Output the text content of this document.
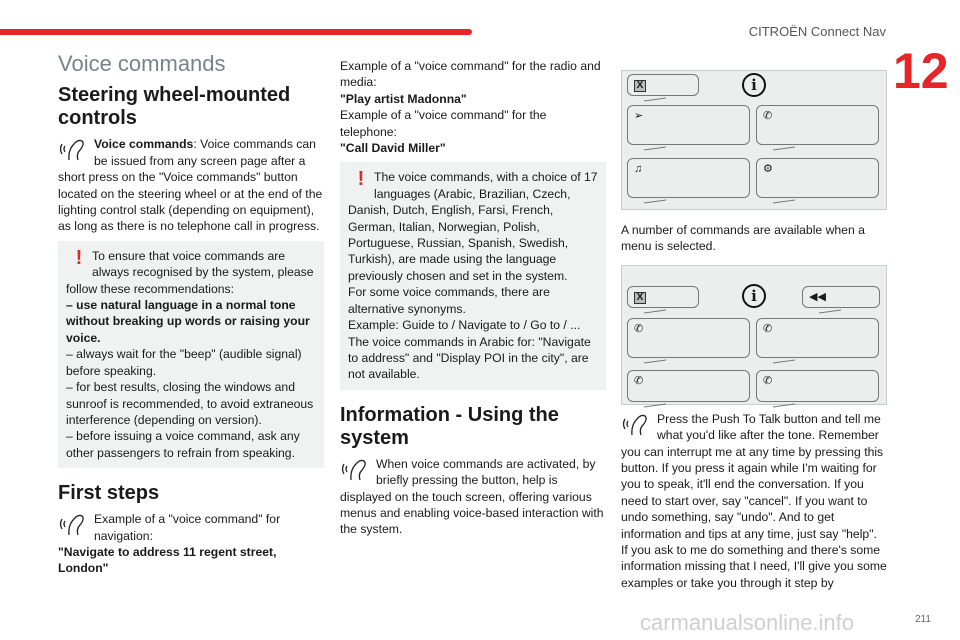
CITROËN Connect Nav
12
Voice commands
Steering wheel-mounted controls

Voice commands: Voice commands can be issued from any screen page after a short press on the "Voice commands" button located on the steering wheel or at the end of the lighting control stalk (depending on equipment), as long as there is no telephone call in progress.

! To ensure that voice commands are always recognised by the system, please follow these recommendations:

– use natural language in a normal tone without breaking up words or raising your voice.

– always wait for the "beep" (audible signal) before speaking.

– for best results, closing the windows and sunroof is recommended, to avoid extraneous interference (depending on version).

– before issuing a voice command, ask any other passengers to refrain from speaking.

First steps

Example of a "voice command" for navigation:

"Navigate to address 11 regent street, London"

Example of a "voice command" for the radio and media:

"Play artist Madonna"

Example of a "voice command" for the telephone:

"Call David Miller"

! The voice commands, with a choice of 17 languages (Arabic, Brazilian, Czech, Danish, Dutch, English, Farsi, French, German, Italian, Norwegian, Polish, Portuguese, Russian, Spanish, Swedish, Turkish), are made using the language previously chosen and set in the system.

For some voice commands, there are alternative synonyms.

Example: Guide to / Navigate to / Go to / ...

The voice commands in Arabic for: "Navigate to address" and "Display POI in the city", are not available.

Information - Using the system

When voice commands are activated, by briefly pressing the button, help is displayed on the touch screen, offering various menus and enabling voice-based interaction with the system.

X	i
➢	✆
♫	⚙

A number of commands are available when a menu is selected.

X	i	◀◀
✆	✆
✆	✆

Press the Push To Talk button and tell me what you'd like after the tone. Remember you can interrupt me at any time by pressing this button. If you press it again while I'm waiting for you to speak, it'll end the conversation. If you need to start over, say "cancel". If you want to undo something, say "undo". And to get information and tips at any time, just say "help". If you ask to me do something and there's some information missing that I need, I'll give you some examples or take you through it step by

carmanualsonline.info	211
